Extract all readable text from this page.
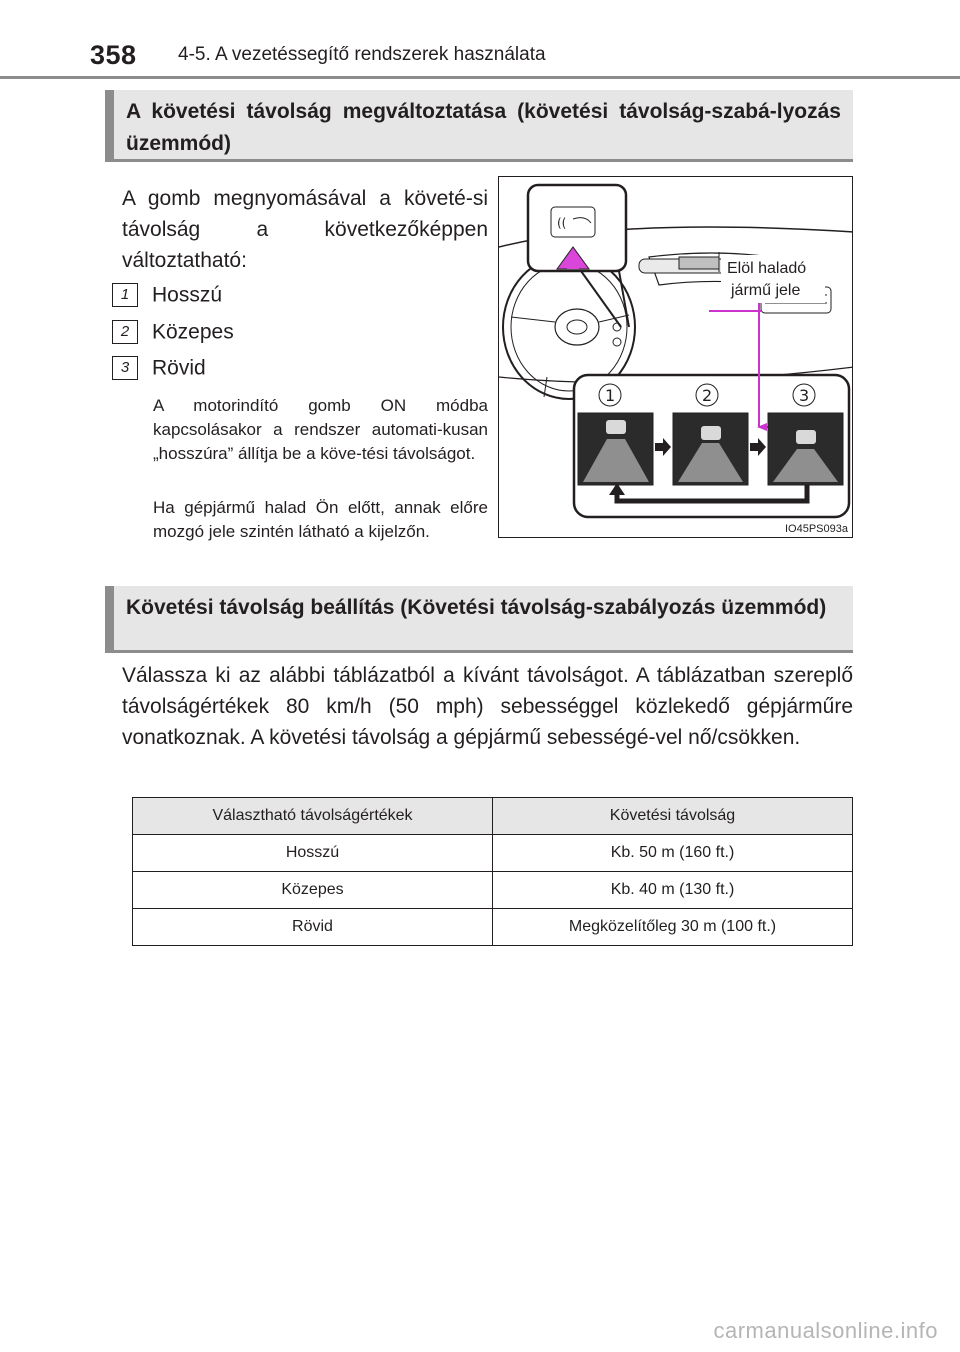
358 4-5. A vezetéssegítő rendszerek használata
A követési távolság megváltoztatása (követési távolság-szabá-lyozás üzemmód)
A gomb megnyomásával a követé-si távolság a következőképpen változtatható:
1 Hosszú
2 Közepes
3 Rövid
A motorindító gomb ON módba kapcsolásakor a rendszer automati-kusan „hosszúra” állítja be a köve-tési távolságot.
Ha gépjármű halad Ön előtt, annak előre mozgó jele szintén látható a kijelzőn.
((
1	2	3
Elöl haladó
jármű jele
IO45PS093a
Követési távolság beállítás (Követési távolság-szabályozás üzemmód)
Válassza ki az alábbi táblázatból a kívánt távolságot. A táblázatban szereplő távolságértékek 80 km/h (50 mph) sebességgel közlekedő gépjárműre vonatkoznak. A követési távolság a gépjármű sebességé-vel nő/csökken.
Választható távolságértékek	Követési távolság
Hosszú	Kb. 50 m (160 ft.)
Közepes	Kb. 40 m (130 ft.)
Rövid	Megközelítőleg 30 m (100 ft.)
carmanualsonline.info
